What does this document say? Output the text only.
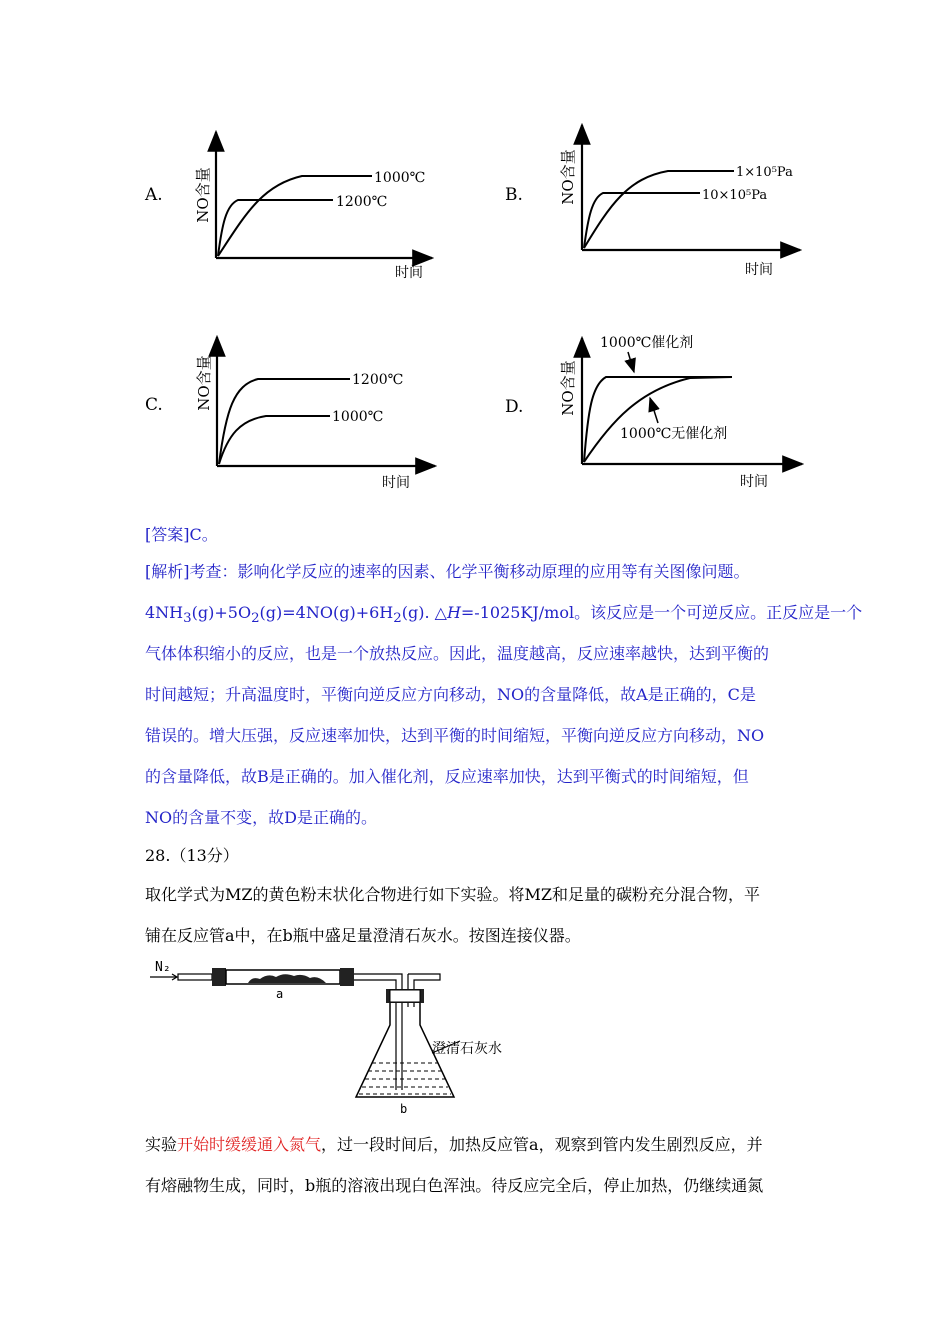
A. NO含量
时间
1000℃
1200℃	B. NO含量
时间
1×10⁵Pa
10×10⁵Pa
C. NO含量
时间
1200℃
1000℃	D. NO含量
时间
1000℃催化剂
1000℃无催化剂
[答案]C。
[解析]考查：影响化学反应的速率的因素、化学平衡移动原理的应用等有关图像问题。
$4NH_3(g)+5O_2(g)=4NO(g)+6H_2(g)$. △H=-1025KJ/mol。该反应是一个可逆反应。正反应是一个
气体体积缩小的反应，也是一个放热反应。因此，温度越高，反应速率越快，达到平衡的
时间越短；升高温度时，平衡向逆反应方向移动，NO的含量降低，故A是正确的，C是
错误的。增大压强，反应速率加快，达到平衡的时间缩短，平衡向逆反应方向移动，NO
的含量降低，故B是正确的。加入催化剂，反应速率加快，达到平衡式的时间缩短，但
NO的含量不变，故D是正确的。
28.（13分）
取化学式为MZ的黄色粉末状化合物进行如下实验。将MZ和足量的碳粉充分混合物，平
铺在反应管a中，在b瓶中盛足量澄清石灰水。按图连接仪器。
N₂
a
澄清石灰水
b
实验开始时缓缓通入氮气，过一段时间后，加热反应管a，观察到管内发生剧烈反应，并
有熔融物生成，同时，b瓶的溶液出现白色浑浊。待反应完全后，停止加热，仍继续通氮
